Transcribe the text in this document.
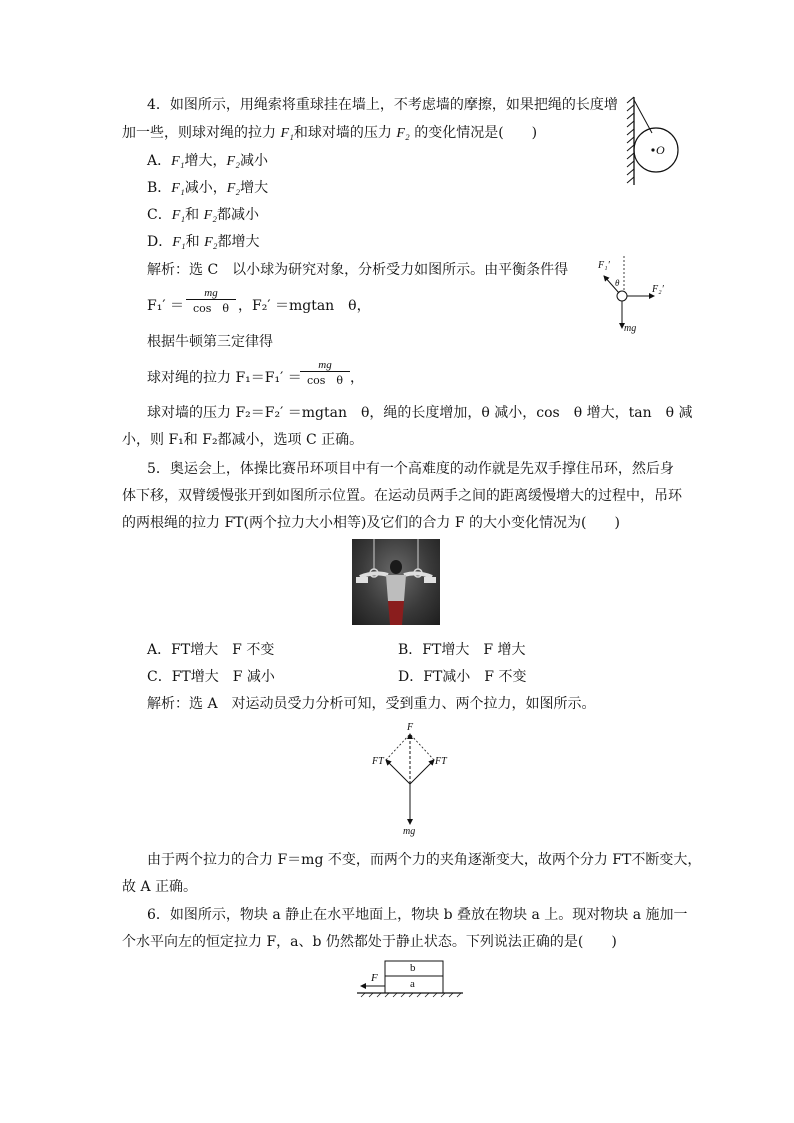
4．如图所示，用绳索将重球挂在墙上，不考虑墙的摩擦，如果把绳的长度增
加一些，则球对绳的拉力 F₁和球对墙的压力 F₂ 的变化情况是(　　)
A．F₁增大，F₂减小
B．F₁减小，F₂增大
C．F₁和 F₂都减小
D．F₁和 F₂都增大
解析：选 C　以小球为研究对象，分析受力如图所示。由平衡条件得
$F_1' = \frac{mg}{\text{cos　θ}}$ ，F₂′ ＝mgtan　θ，
根据牛顿第三定律得
球对绳的拉力 F₁＝F₁′ ＝
$\frac{mg}{\text{cos　θ}}$ ，
球对墙的压力 F₂＝F₂′ ＝mgtan　θ，绳的长度增加，θ 减小，cos　θ 增大，tan　θ 减
小，则 F₁和 F₂都减小，选项 C 正确。
O
F₁′
F₂′
θ
mg
5．奥运会上，体操比赛吊环项目中有一个高难度的动作就是先双手撑住吊环，然后身
体下移，双臂缓慢张开到如图所示位置。在运动员两手之间的距离缓慢增大的过程中，吊环
的两根绳的拉力 FT(两个拉力大小相等)及它们的合力 F 的大小变化情况为(　　)
A．FT增大　F 不变	B．FT增大　F 增大
C．FT增大　F 减小	D．FT减小　F 不变
解析：选 A　对运动员受力分析可知，受到重力、两个拉力，如图所示。
F
FT	FT
mg
由于两个拉力的合力 F＝mg 不变，而两个力的夹角逐渐变大，故两个分力 FT不断变大，
故 A 正确。
6．如图所示，物块 a 静止在水平地面上，物块 b 叠放在物块 a 上。现对物块 a 施加一
个水平向左的恒定拉力 F，a、b 仍然都处于静止状态。下列说法正确的是(　　)
b
a
F
